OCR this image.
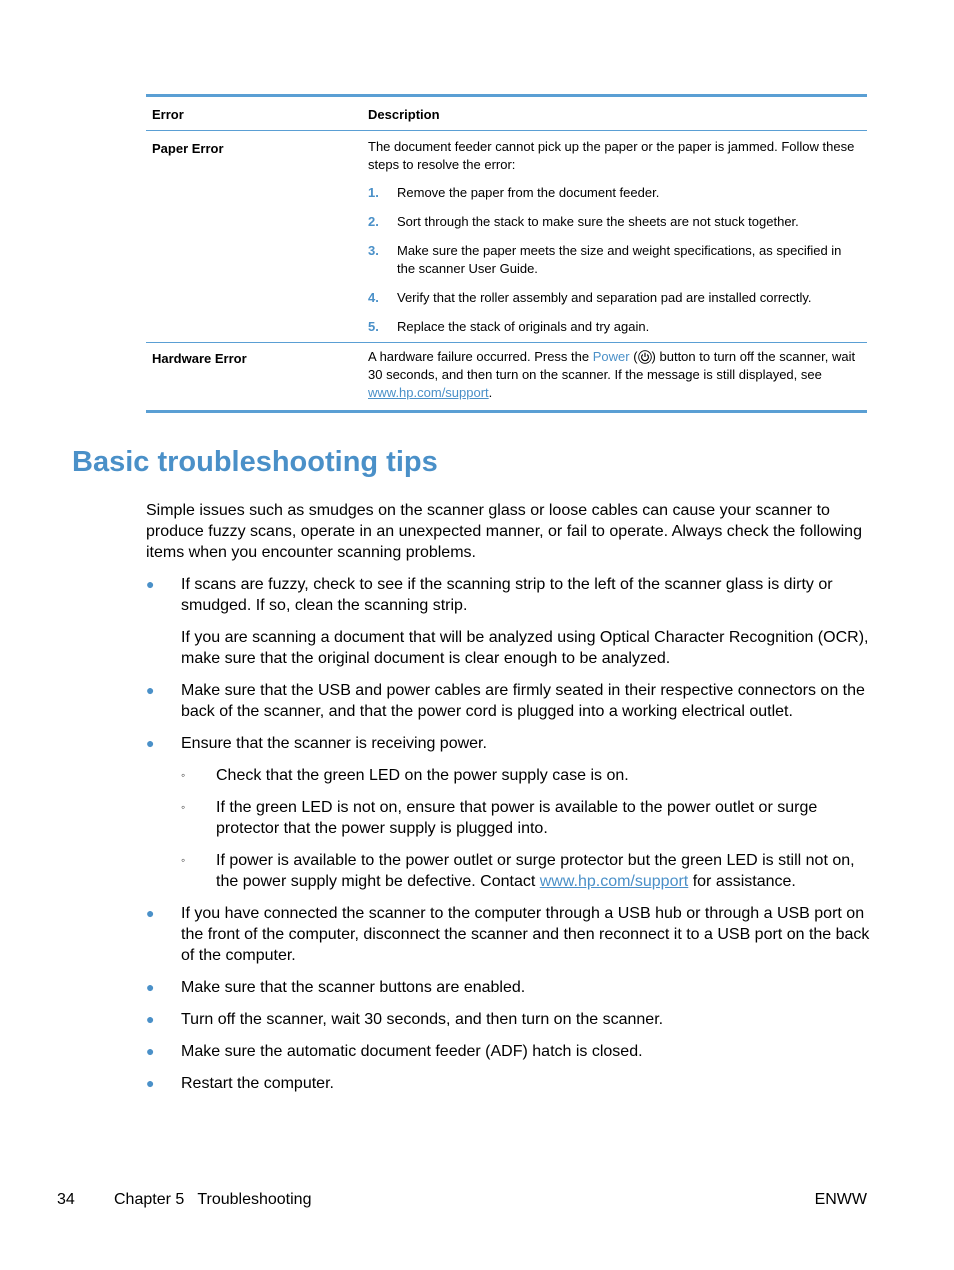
Error	Description
Paper Error	The document feeder cannot pick up the paper or the paper is jammed. Follow these steps to resolve the error:
1. Remove the paper from the document feeder.
2. Sort through the stack to make sure the sheets are not stuck together.
3. Make sure the paper meets the size and weight specifications, as specified in the scanner User Guide.
4. Verify that the roller assembly and separation pad are installed correctly.
5. Replace the stack of originals and try again.
Hardware Error	A hardware failure occurred. Press the Power ( ) button to turn off the scanner, wait 30 seconds, and then turn on the scanner. If the message is still displayed, see www.hp.com/support.
Basic troubleshooting tips

Simple issues such as smudges on the scanner glass or loose cables can cause your scanner to produce fuzzy scans, operate in an unexpected manner, or fail to operate. Always check the following items when you encounter scanning problems.

● If scans are fuzzy, check to see if the scanning strip to the left of the scanner glass is dirty or smudged. If so, clean the scanning strip.

If you are scanning a document that will be analyzed using Optical Character Recognition (OCR), make sure that the original document is clear enough to be analyzed.

● Make sure that the USB and power cables are firmly seated in their respective connectors on the back of the scanner, and that the power cord is plugged into a working electrical outlet.

● Ensure that the scanner is receiving power.

◦ Check that the green LED on the power supply case is on.

◦ If the green LED is not on, ensure that power is available to the power outlet or surge protector that the power supply is plugged into.

◦ If power is available to the power outlet or surge protector but the green LED is still not on, the power supply might be defective. Contact www.hp.com/support for assistance.

● If you have connected the scanner to the computer through a USB hub or through a USB port on the front of the computer, disconnect the scanner and then reconnect it to a USB port on the back of the computer.

● Make sure that the scanner buttons are enabled.

● Turn off the scanner, wait 30 seconds, and then turn on the scanner.

● Make sure the automatic document feeder (ADF) hatch is closed.

● Restart the computer.

34 Chapter 5   Troubleshooting	ENWW
